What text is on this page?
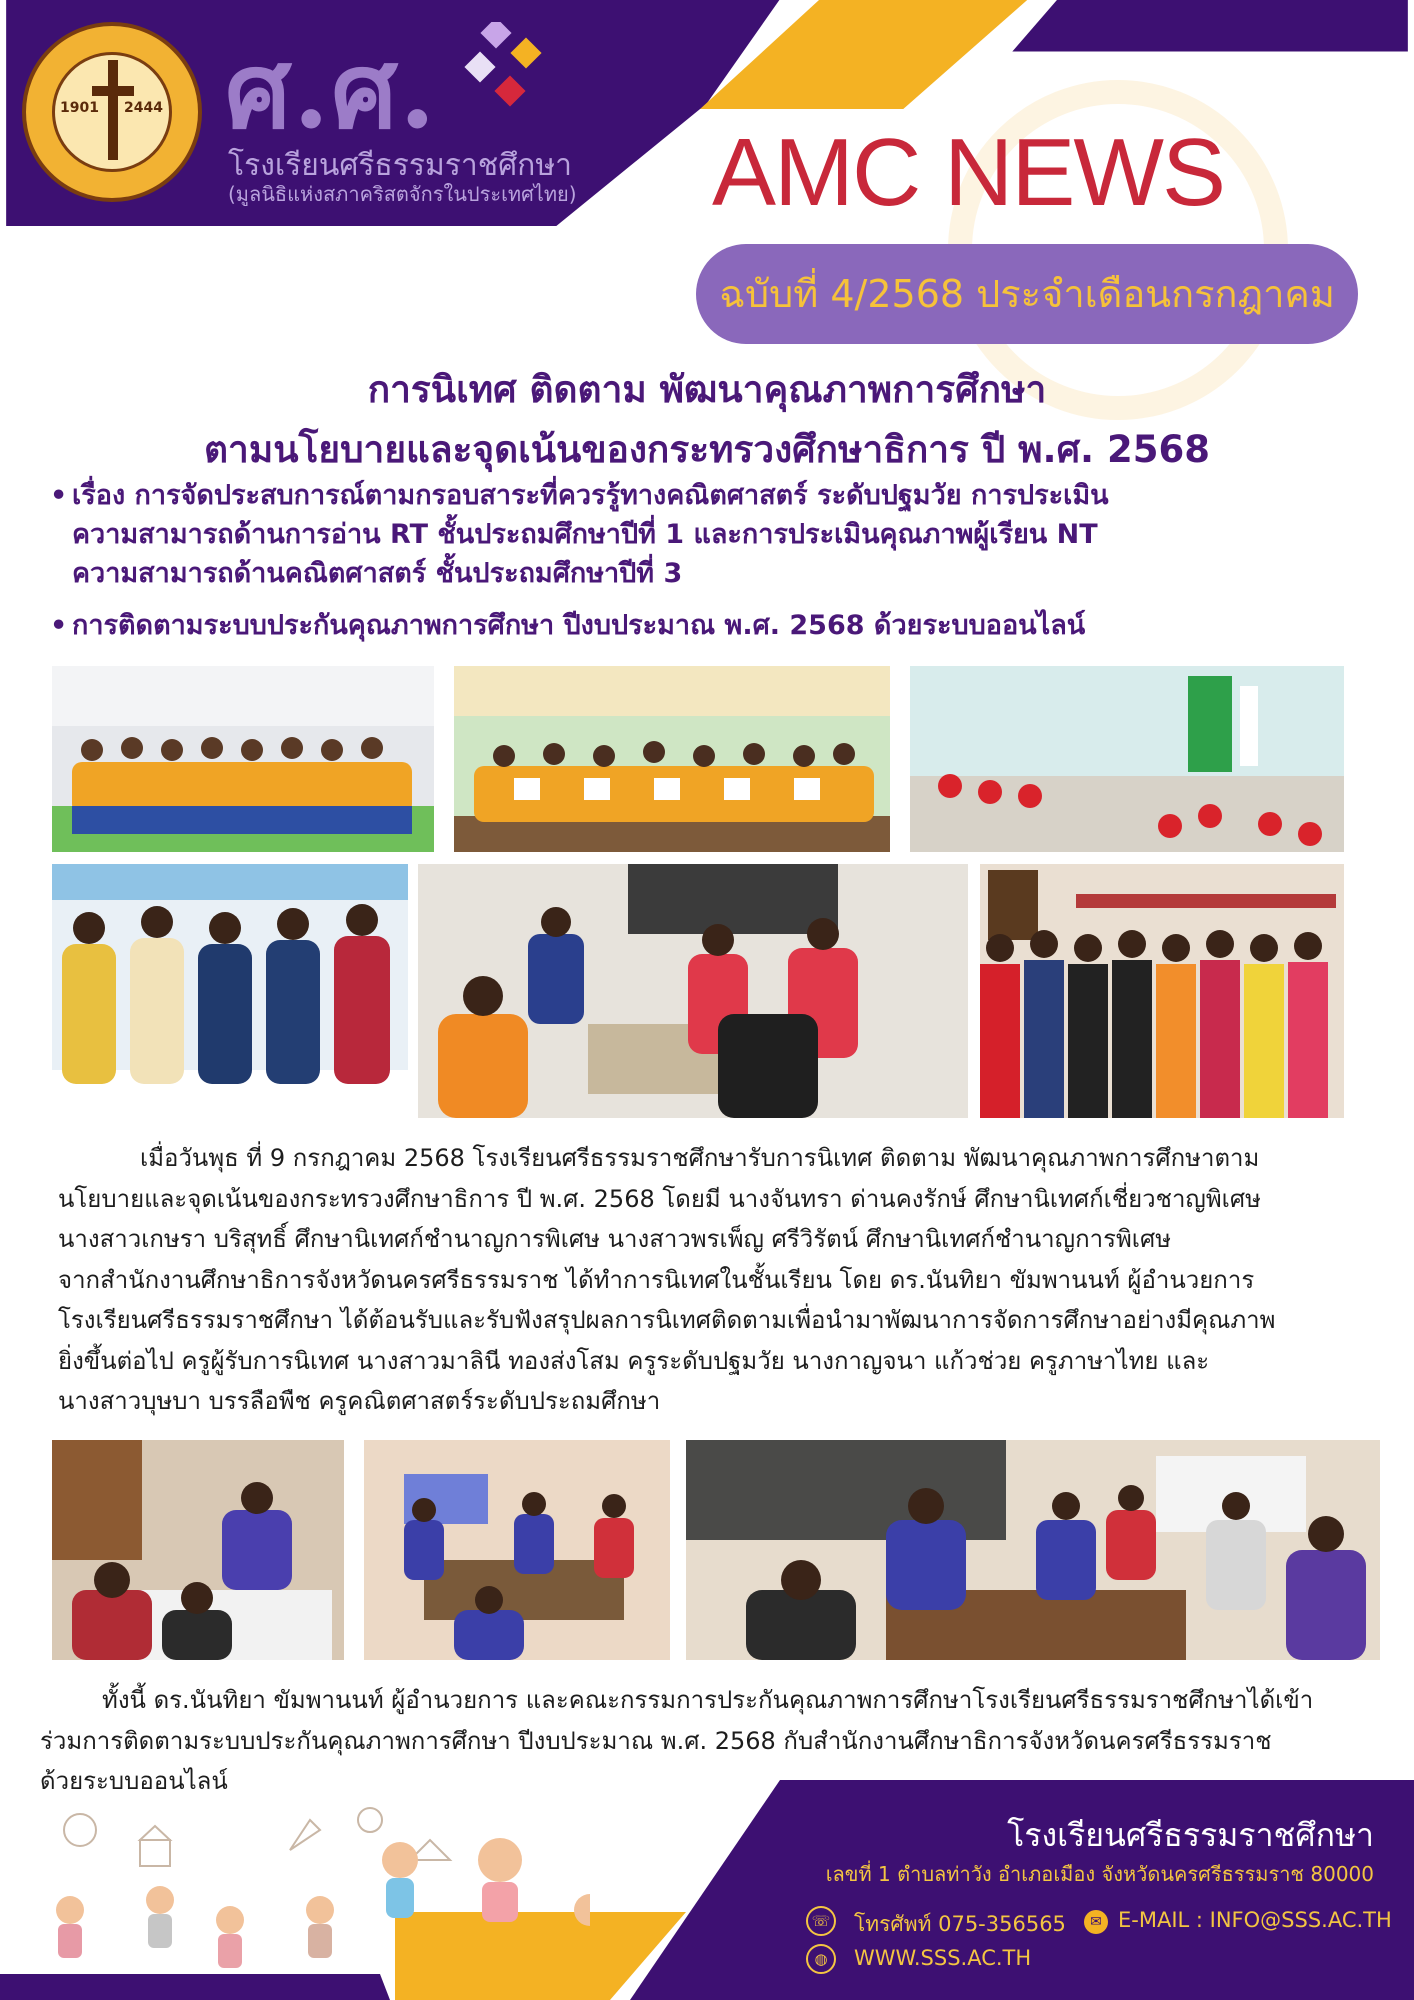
1901 2444 ศ.ศ.
โรงเรียนศรีธรรมราชศึกษา
(มูลนิธิแห่งสภาคริสตจักรในประเทศไทย) AMC NEWS
ฉบับที่ 4/2568 ประจำเดือนกรกฎาคม
การนิเทศ ติดตาม พัฒนาคุณภาพการศึกษา
ตามนโยบายและจุดเน้นของกระทรวงศึกษาธิการ ปี พ.ศ. 2568
• เรื่อง การจัดประสบการณ์ตามกรอบสาระที่ควรรู้ทางคณิตศาสตร์ ระดับปฐมวัย การประเมิน
ความสามารถด้านการอ่าน RT ชั้นประถมศึกษาปีที่ 1 และการประเมินคุณภาพผู้เรียน NT
ความสามารถด้านคณิตศาสตร์ ชั้นประถมศึกษาปีที่ 3
• การติดตามระบบประกันคุณภาพการศึกษา ปีงบประมาณ พ.ศ. 2568 ด้วยระบบออนไลน์
เมื่อวันพุธ ที่ 9 กรกฎาคม 2568 โรงเรียนศรีธรรมราชศึกษารับการนิเทศ ติดตาม พัฒนาคุณภาพการศึกษาตาม
นโยบายและจุดเน้นของกระทรวงศึกษาธิการ ปี พ.ศ. 2568 โดยมี นางจันทรา ด่านคงรักษ์ ศึกษานิเทศก์เชี่ยวชาญพิเศษ
นางสาวเกษรา บริสุทธิ์ ศึกษานิเทศก์ชำนาญการพิเศษ นางสาวพรเพ็ญ ศรีวิรัตน์ ศึกษานิเทศก์ชำนาญการพิเศษ
จากสำนักงานศึกษาธิการจังหวัดนครศรีธรรมราช ได้ทำการนิเทศในชั้นเรียน โดย ดร.นันทิยา ขัมพานนท์ ผู้อำนวยการ
โรงเรียนศรีธรรมราชศึกษา ได้ต้อนรับและรับฟังสรุปผลการนิเทศติดตามเพื่อนำมาพัฒนาการจัดการศึกษาอย่างมีคุณภาพ
ยิ่งขึ้นต่อไป ครูผู้รับการนิเทศ นางสาวมาลินี ทองส่งโสม ครูระดับปฐมวัย นางกาญจนา แก้วช่วย ครูภาษาไทย และ
นางสาวบุษบา บรรลือพืช ครูคณิตศาสตร์ระดับประถมศึกษา
ทั้งนี้ ดร.นันทิยา ขัมพานนท์ ผู้อำนวยการ และคณะกรรมการประกันคุณภาพการศึกษาโรงเรียนศรีธรรมราชศึกษาได้เข้า
ร่วมการติดตามระบบประกันคุณภาพการศึกษา ปีงบประมาณ พ.ศ. 2568 กับสำนักงานศึกษาธิการจังหวัดนครศรีธรรมราช
ด้วยระบบออนไลน์
โรงเรียนศรีธรรมราชศึกษา
เลขที่ 1 ตำบลท่าวัง อำเภอเมือง จังหวัดนครศรีธรรมราช 80000
☏ โทรศัพท์ 075-356565	✉ E-MAIL : INFO@SSS.AC.TH
◍	WWW.SSS.AC.TH
